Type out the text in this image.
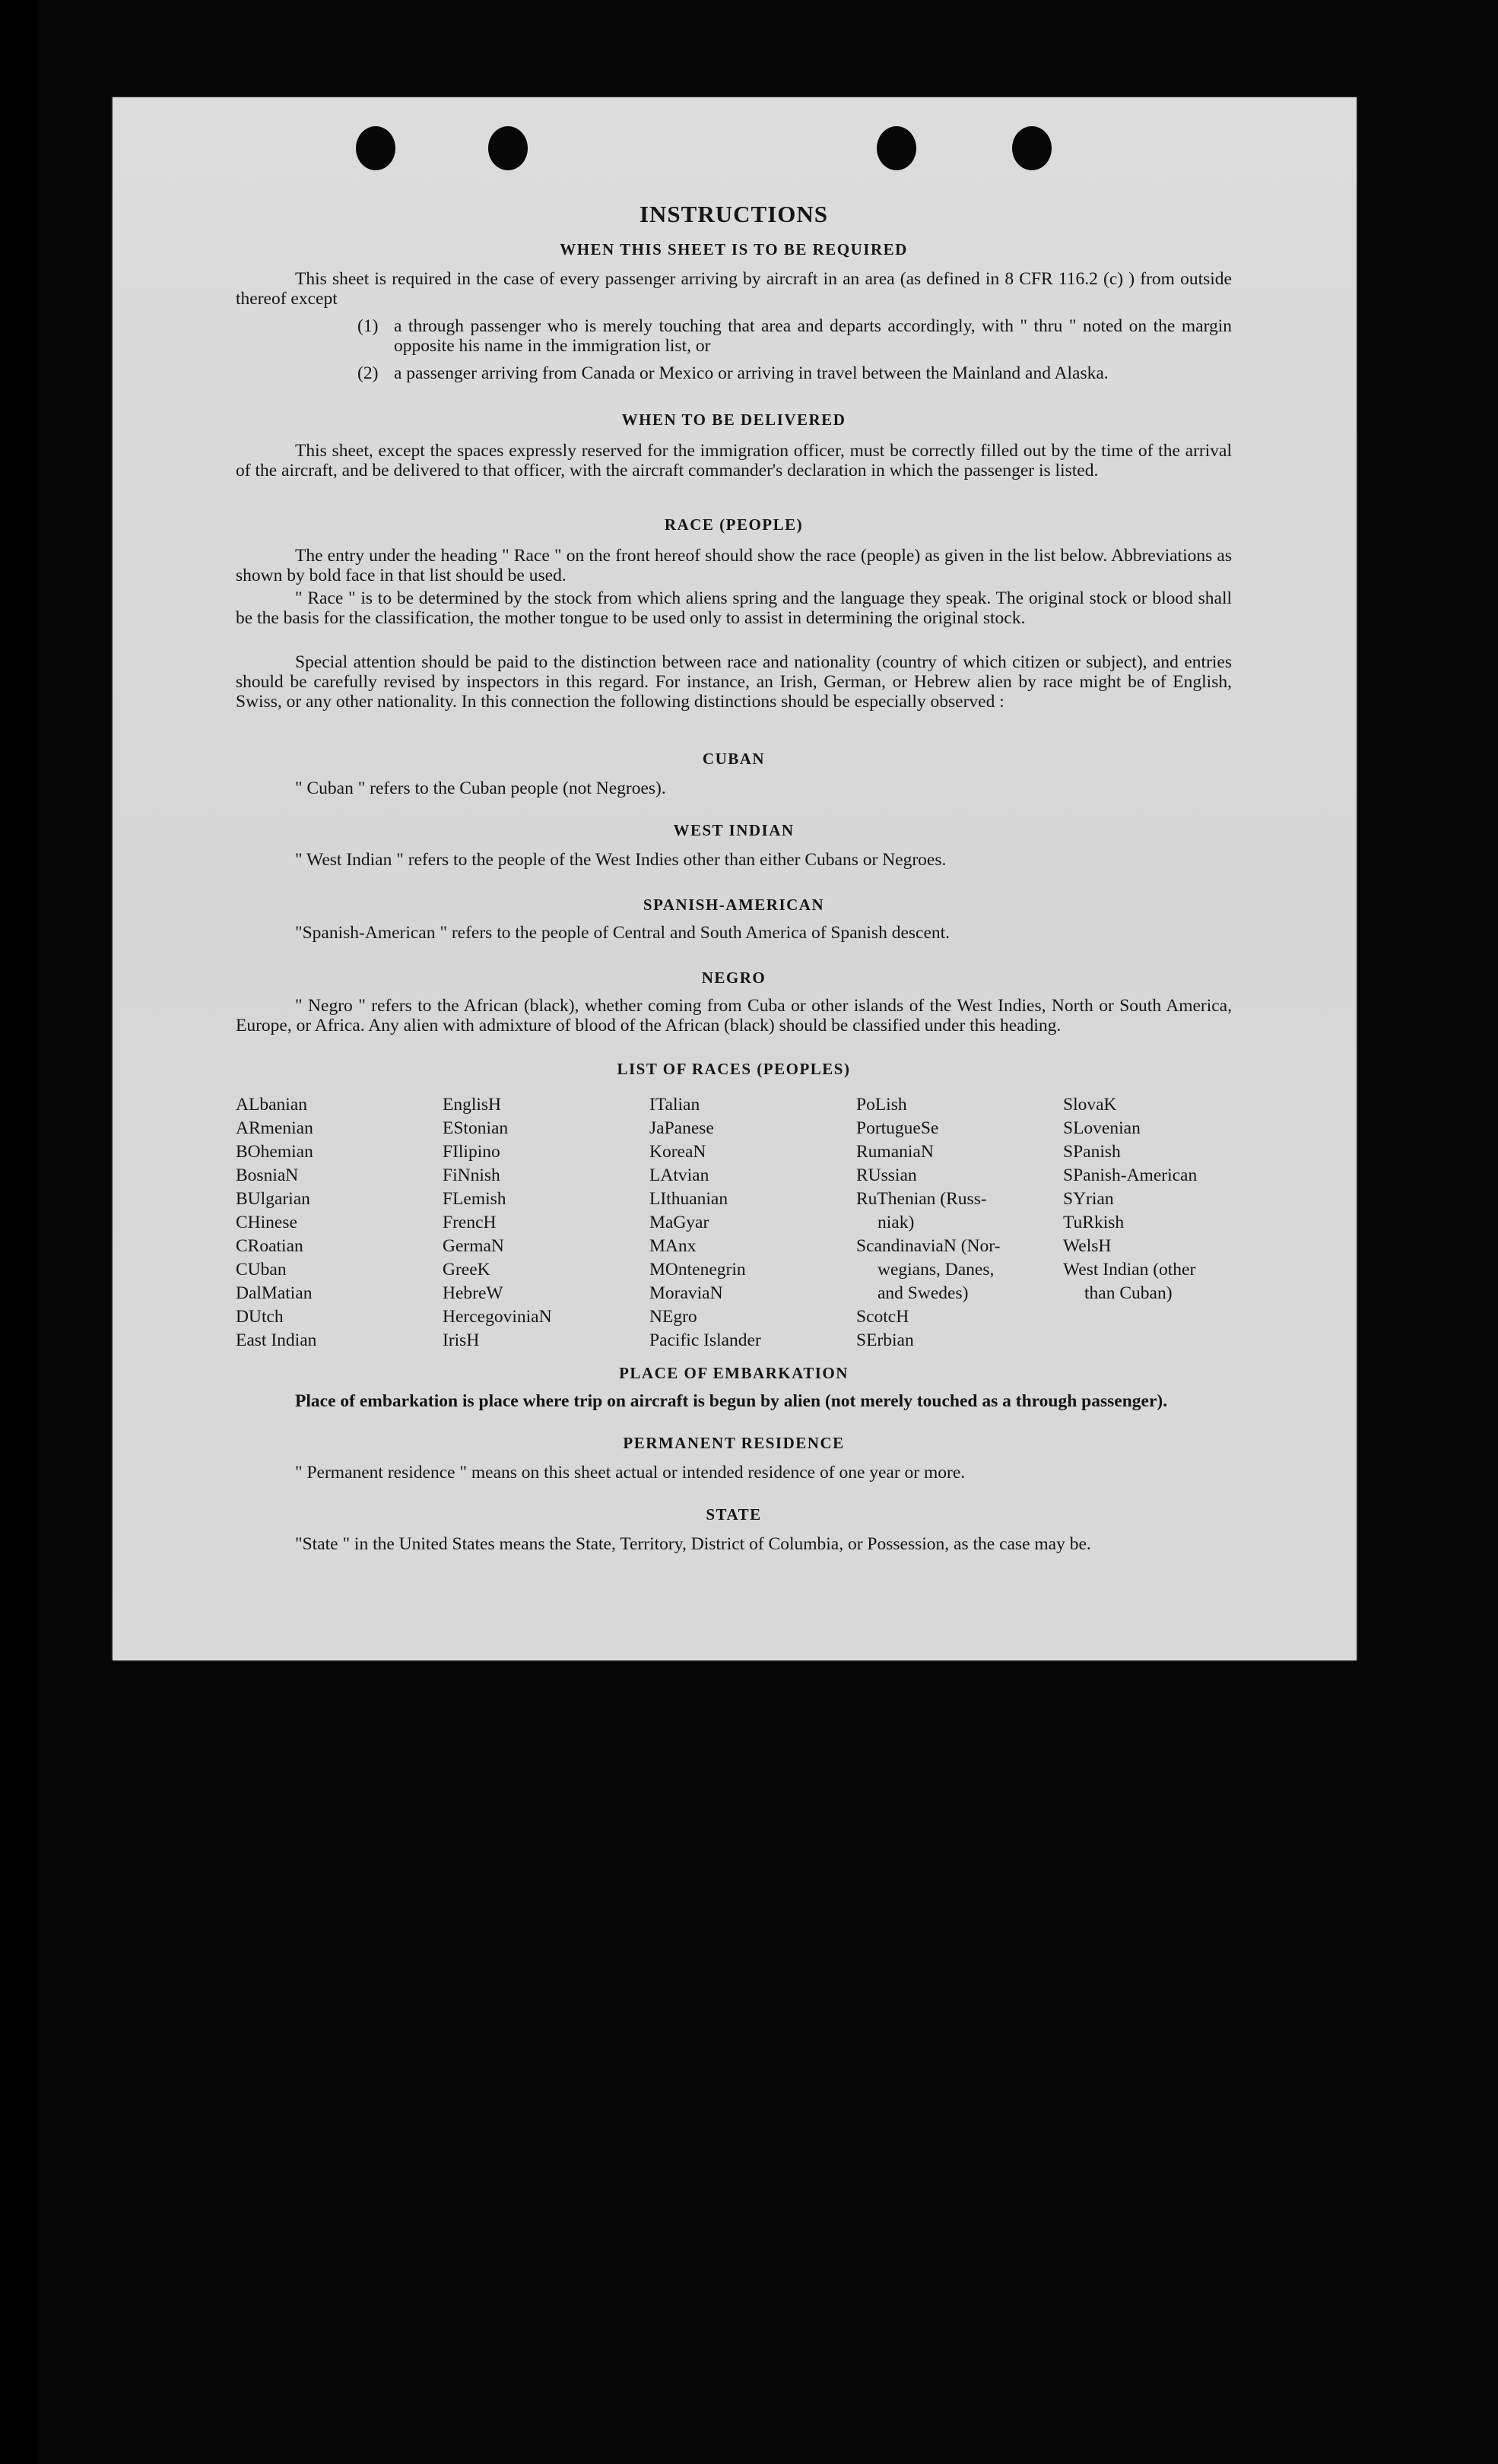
INSTRUCTIONS
WHEN THIS SHEET IS TO BE REQUIRED
This sheet is required in the case of every passenger arriving by aircraft in an area (as defined in 8 CFR 116.2 (c) ) from outside thereof except
(1) a through passenger who is merely touching that area and departs accordingly, with " thru " noted on the margin opposite his name in the immigration list, or
(2) a passenger arriving from Canada or Mexico or arriving in travel between the Mainland and Alaska.
WHEN TO BE DELIVERED
This sheet, except the spaces expressly reserved for the immigration officer, must be correctly filled out by the time of the arrival of the aircraft, and be delivered to that officer, with the aircraft commander's declaration in which the passenger is listed.
RACE (PEOPLE)
The entry under the heading " Race " on the front hereof should show the race (people) as given in the list below. Abbreviations as shown by bold face in that list should be used.
" Race " is to be determined by the stock from which aliens spring and the language they speak. The original stock or blood shall be the basis for the classification, the mother tongue to be used only to assist in determining the original stock.
Special attention should be paid to the distinction between race and nationality (country of which citizen or subject), and entries should be carefully revised by inspectors in this regard. For instance, an Irish, German, or Hebrew alien by race might be of English, Swiss, or any other nationality. In this connection the following distinctions should be especially observed :
CUBAN
" Cuban " refers to the Cuban people (not Negroes).
WEST INDIAN
" West Indian " refers to the people of the West Indies other than either Cubans or Negroes.
SPANISH-AMERICAN
"Spanish-American " refers to the people of Central and South America of Spanish descent.
NEGRO
" Negro " refers to the African (black), whether coming from Cuba or other islands of the West Indies, North or South America, Europe, or Africa. Any alien with admixture of blood of the African (black) should be classified under this heading.
LIST OF RACES (PEOPLES)
ALbanian
ARmenian
BOhemian
BosniaN
BUlgarian
CHinese
CRoatian
CUban
DalMatian
DUtch
East Indian
EnglisH
EStonian
FIlipino
FiNnish
FLemish
FrencH
GermaN
GreeK
HebreW
HercegoviniaN
IrisH
ITalian
JaPanese
KoreaN
LAtvian
LIthuanian
MaGyar
MAnx
MOntenegrin
MoraviaN
NEgro
Pacific Islander
PoLish
PortugueSe
RumaniaN
RUssian
RuThenian (Russ-
niak)
ScandinaviaN (Nor-
wegians, Danes,
and Swedes)
ScotcH
SErbian
SlovaK
SLovenian
SPanish
SPanish-American
SYrian
TuRkish
WelsH
West Indian (other
than Cuban)
PLACE OF EMBARKATION
Place of embarkation is place where trip on aircraft is begun by alien (not merely touched as a through passenger).
PERMANENT RESIDENCE
" Permanent residence " means on this sheet actual or intended residence of one year or more.
STATE
"State " in the United States means the State, Territory, District of Columbia, or Possession, as the case may be.
